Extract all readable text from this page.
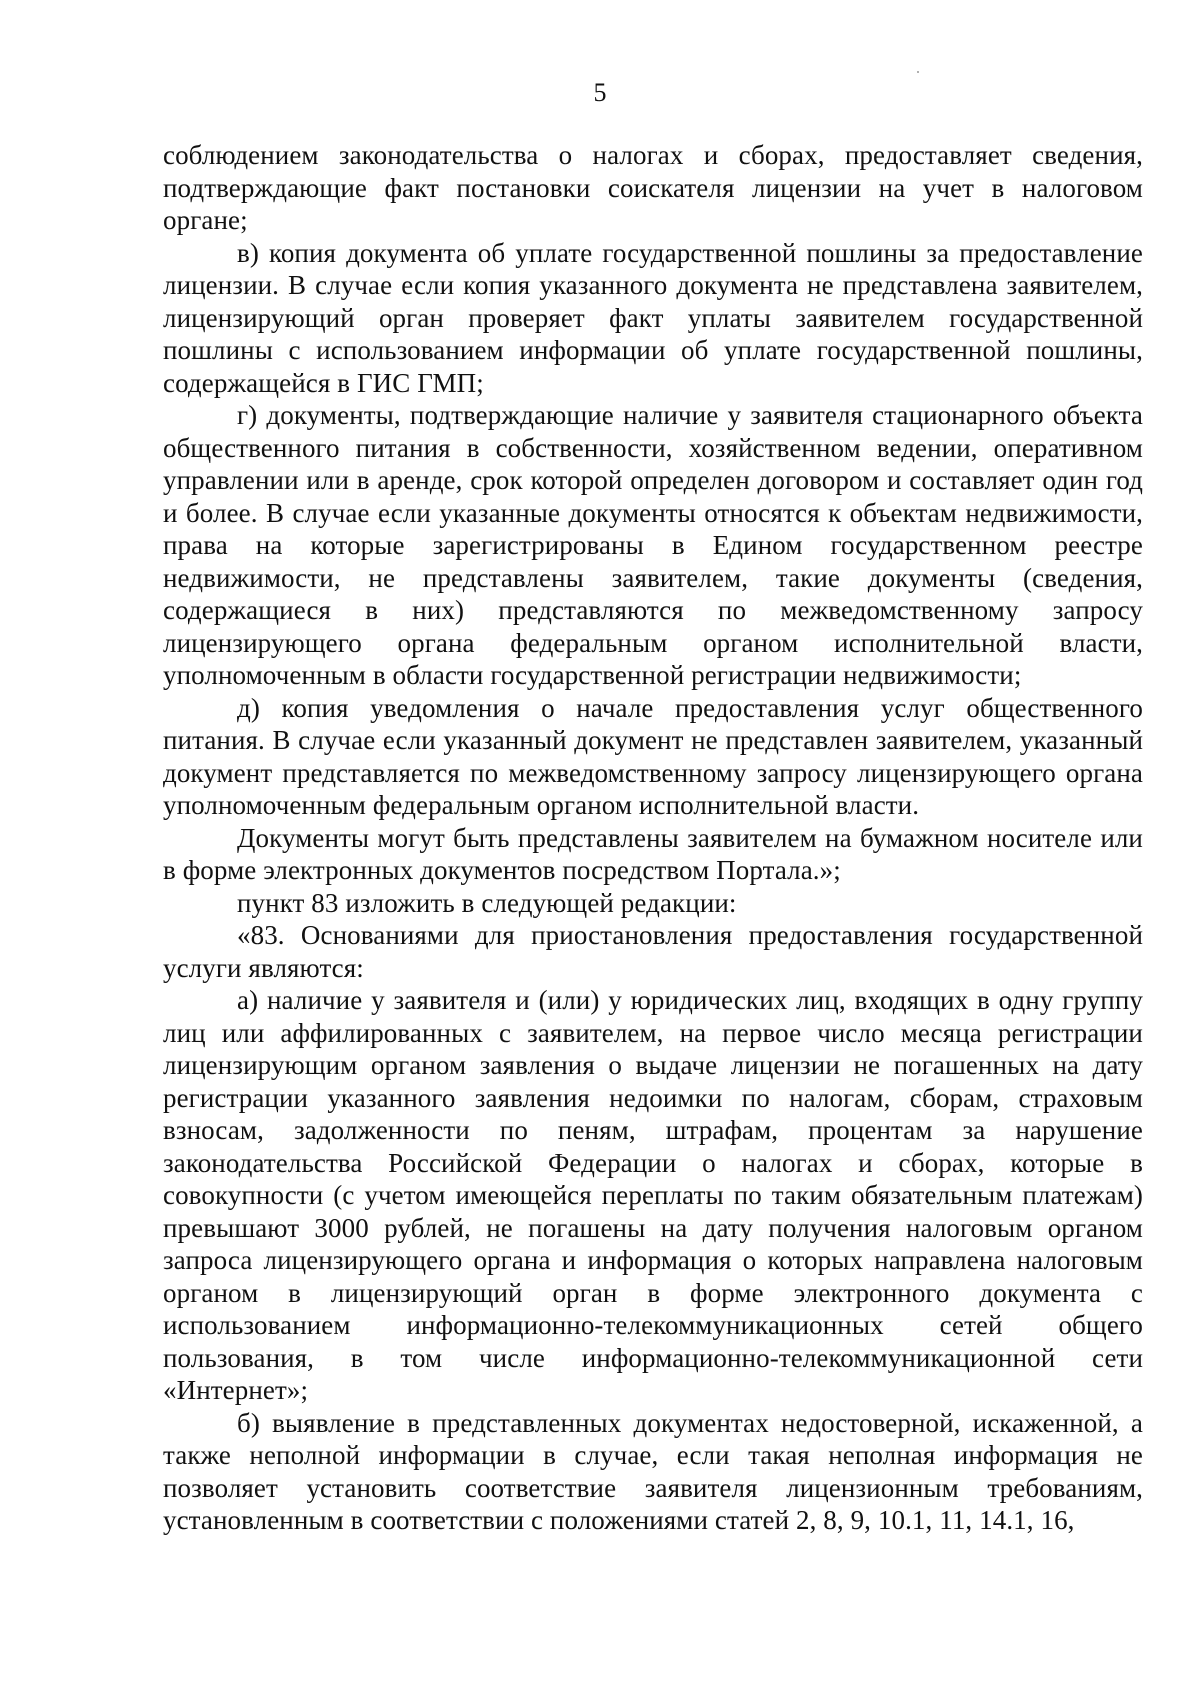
5

соблюдением законодательства о налогах и сборах, предоставляет сведения, подтверждающие факт постановки соискателя лицензии на учет в налоговом органе;

в) копия документа об уплате государственной пошлины за предоставление лицензии. В случае если копия указанного документа не представлена заявителем, лицензирующий орган проверяет факт уплаты заявителем государственной пошлины с использованием информации об уплате государственной пошлины, содержащейся в ГИС ГМП;

г) документы, подтверждающие наличие у заявителя стационарного объекта общественного питания в собственности, хозяйственном ведении, оперативном управлении или в аренде, срок которой определен договором и составляет один год и более. В случае если указанные документы относятся к объектам недвижимости, права на которые зарегистрированы в Едином государственном реестре недвижимости, не представлены заявителем, такие документы (сведения, содержащиеся в них) представляются по межведомственному запросу лицензирующего органа федеральным органом исполнительной власти, уполномоченным в области государственной регистрации недвижимости;

д) копия уведомления о начале предоставления услуг общественного питания. В случае если указанный документ не представлен заявителем, указанный документ представляется по межведомственному запросу лицензирующего органа уполномоченным федеральным органом исполнительной власти.

Документы могут быть представлены заявителем на бумажном носителе или в форме электронных документов посредством Портала.»;

пункт 83 изложить в следующей редакции:

«83. Основаниями для приостановления предоставления государственной услуги являются:

а) наличие у заявителя и (или) у юридических лиц, входящих в одну группу лиц или аффилированных с заявителем, на первое число месяца регистрации лицензирующим органом заявления о выдаче лицензии не погашенных на дату регистрации указанного заявления недоимки по налогам, сборам, страховым взносам, задолженности по пеням, штрафам, процентам за нарушение законодательства Российской Федерации о налогах и сборах, которые в совокупности (с учетом имеющейся переплаты по таким обязательным платежам) превышают 3000 рублей, не погашены на дату получения налоговым органом запроса лицензирующего органа и информация о которых направлена налоговым органом в лицензирующий орган в форме электронного документа с использованием информационно-телекоммуникационных сетей общего пользования, в том числе информационно-телекоммуникационной сети «Интернет»;

б) выявление в представленных документах недостоверной, искаженной, а также неполной информации в случае, если такая неполная информация не позволяет установить соответствие заявителя лицензионным требованиям, установленным в соответствии с положениями статей 2, 8, 9, 10.1, 11, 14.1, 16,
